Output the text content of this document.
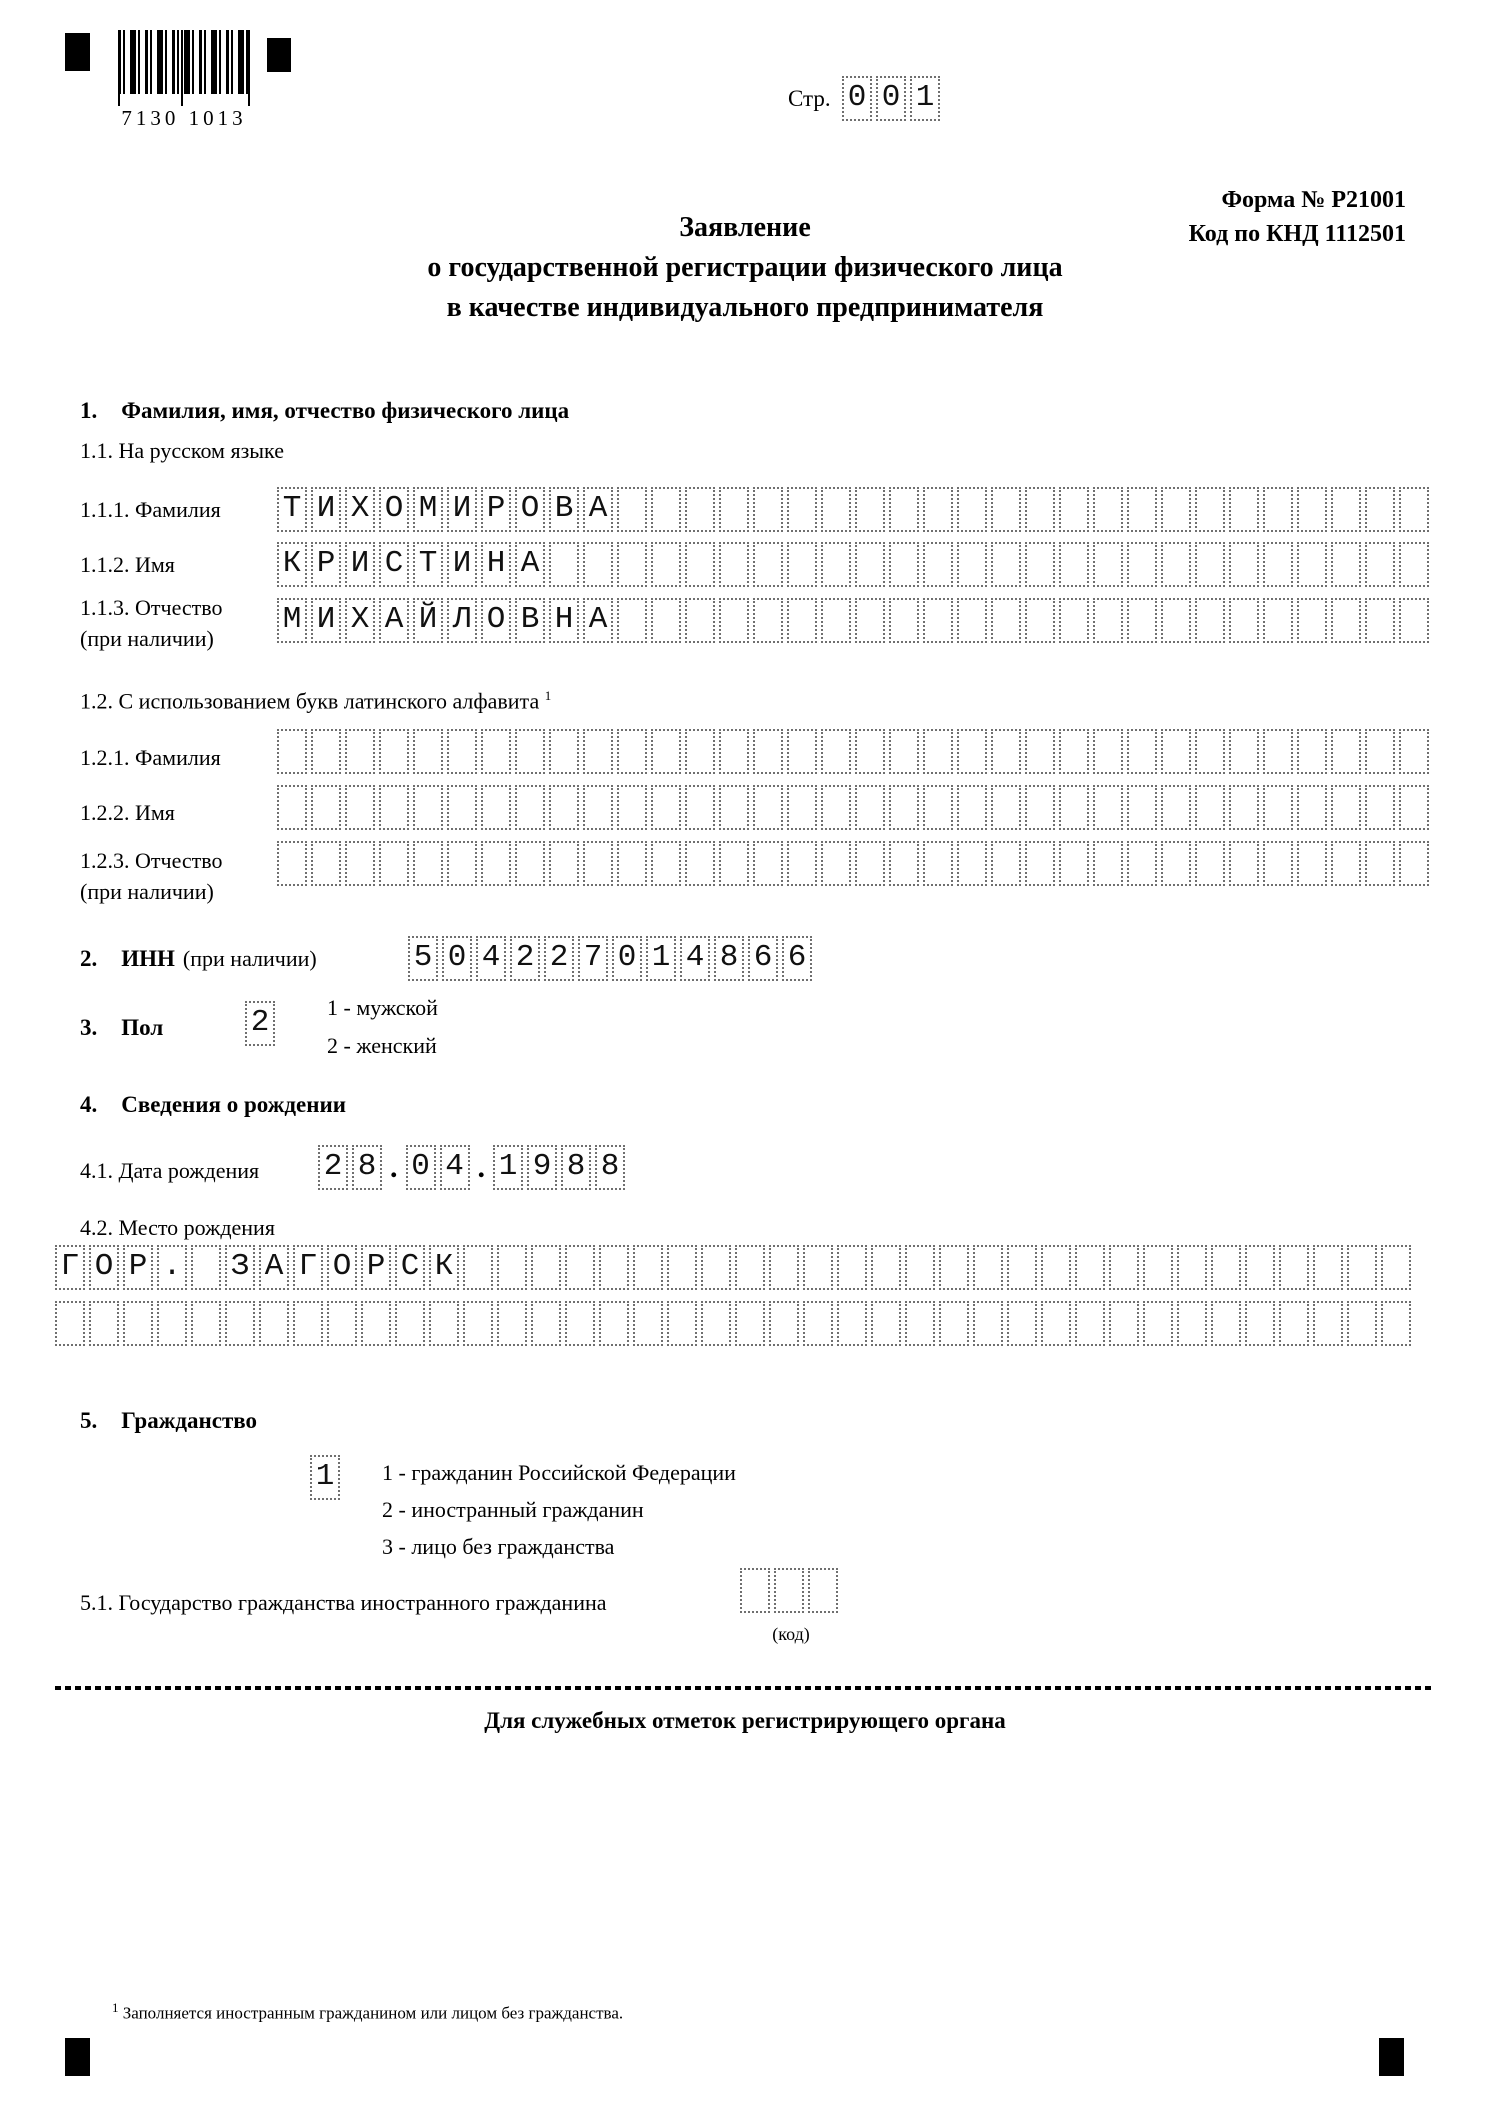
7130 1013
Стр. 0 0 1
Форма № Р21001
Код по КНД 1112501
Заявление
о государственной регистрации физического лица
в качестве индивидуального предпринимателя
1. Фамилия, имя, отчество физического лица
1.1. На русском языке
1.1.1. Фамилия Т И Х О М И Р О В А
1.1.2. Имя	К Р И С Т И Н А
1.1.3. Отчество
(при наличии)
М И Х А Й Л О В Н А
1.2. С использованием букв латинского алфавита $^1$
1.2.1. Фамилия
1.2.2. Имя
1.2.3. Отчество
(при наличии)
2. ИНН (при наличии)	5 0 4 2 2 7 0 1 4 8 6 6
3. Пол	2	1 - мужской
2 - женский
4. Сведения о рождении
4.1. Дата рождения 2 8 . 0 4 . 1 9 8 8
4.2. Место рождения
Г О Р . З А Г О Р С К
5. Гражданство
1 1 - гражданин Российской Федерации
2 - иностранный гражданин
3 - лицо без гражданства
5.1. Государство гражданства иностранного гражданина
(код)
Для служебных отметок регистрирующего органа
$^1$ Заполняется иностранным гражданином или лицом без гражданства.
